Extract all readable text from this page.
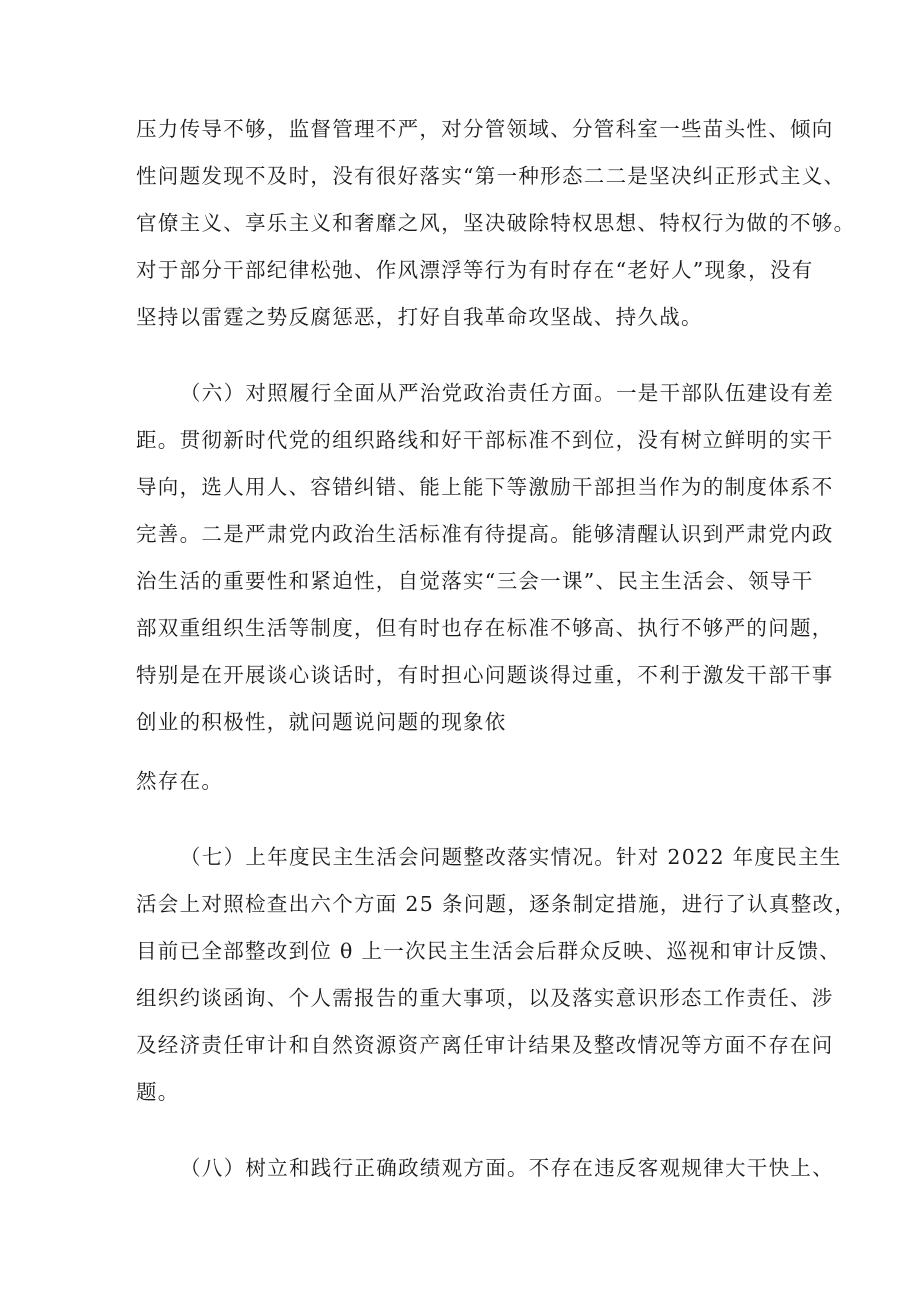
压力传导不够，监督管理不严，对分管领域、分管科室一些苗头性、倾向
性问题发现不及时，没有很好落实“第一种形态二二是坚决纠正形式主义、
官僚主义、享乐主义和奢靡之风，坚决破除特权思想、特权行为做的不够。
对于部分干部纪律松弛、作风漂浮等行为有时存在“老好人”现象，没有
坚持以雷霆之势反腐惩恶，打好自我革命攻坚战、持久战。
（六）对照履行全面从严治党政治责任方面。一是干部队伍建设有差
距。贯彻新时代党的组织路线和好干部标准不到位，没有树立鲜明的实干
导向，选人用人、容错纠错、能上能下等激励干部担当作为的制度体系不
完善。二是严肃党内政治生活标准有待提高。能够清醒认识到严肃党内政
治生活的重要性和紧迫性，自觉落实“三会一课”、民主生活会、领导干
部双重组织生活等制度，但有时也存在标准不够高、执行不够严的问题，
特别是在开展谈心谈话时，有时担心问题谈得过重，不利于激发干部干事
创业的积极性，就问题说问题的现象依
然存在。
（七）上年度民主生活会问题整改落实情况。针对 2022 年度民主生
活会上对照检查出六个方面 25 条问题，逐条制定措施，进行了认真整改，
目前已全部整改到位 θ 上一次民主生活会后群众反映、巡视和审计反馈、
组织约谈函询、个人需报告的重大事项，以及落实意识形态工作责任、涉
及经济责任审计和自然资源资产离任审计结果及整改情况等方面不存在问
题。
（八）树立和践行正确政绩观方面。不存在违反客观规律大干快上、
